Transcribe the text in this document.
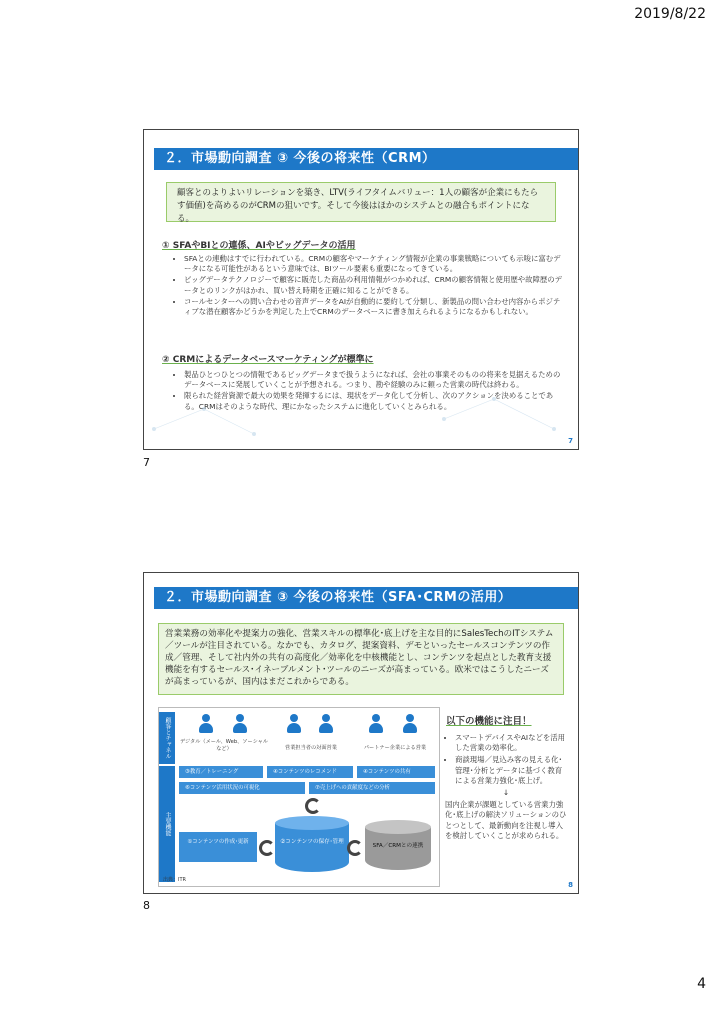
2019/8/22
２．市場動向調査 ③ 今後の将来性（CRM）
顧客とのよりよいリレーションを築き、LTV(ライフタイムバリュー：1人の顧客が企業にもたらす価値)を高めるのがCRMの狙いです。そして今後はほかのシステムとの融合もポイントになる。
① SFAやBIとの連係、AIやビッグデータの活用
• SFAとの連動はすでに行われている。CRMの顧客やマーケティング情報が企業の事業戦略についても示唆に富むデータになる可能性があるという意味では、BIツール要素も重要になってきている。
• ビッグデータテクノロジーで顧客に販売した商品の利用情報がつかめれば、CRMの顧客情報と使用歴や故障歴のデータとのリンクがはかれ、買い替え時期を正確に知ることができる。
• コールセンターへの問い合わせの音声データをAIが自動的に要約して分類し、新製品の問い合わせ内容からポジティブな潜在顧客かどうかを判定した上でCRMのデータベースに書き加えられるようになるかもしれない。
② CRMによるデータベースマーケティングが標準に
• 製品ひとつひとつの情報であるビッグデータまで扱うようになれば、会社の事業そのものの将来を見据えるためのデータベースに発展していくことが予想される。つまり、勘や経験のみに頼った営業の時代は終わる。
• 限られた経営資源で最大の効果を発揮するには、現状をデータ化して分析し、次のアクションを決めることである。CRMはそのような時代、理にかなったシステムに進化していくとみられる。
7
7
２．市場動向調査 ③ 今後の将来性（SFA･CRMの活用）
営業業務の効率化や提案力の強化、営業スキルの標準化･底上げを主な目的にSalesTechのITシステム／ツールが注目されている。なかでも、カタログ、提案資料、デモといったセールスコンテンツの作成／管理、そして社内外の共有の高度化／効率化を中核機能とし、コンテンツを起点とした教育支援機能を有するセールス･イネーブルメント･ツールのニーズが高まっている。欧米ではこうしたニーズが高まっているが、国内はまだこれからである。
顧客とチャネル
主要機能
デジタル（メール、Web、ソーシャルなど）	営業担当者の対面営業	パートナー企業による営業
③教育／トレーニング	④コンテンツのレコメンド	④コンテンツの共有
⑥コンテンツ活用状況の可視化	⑦売上げへの貢献度などの分析
①コンテンツの作成･更新	②コンテンツの保存･管理
SFA／CRMとの連携
出典：ITR
以下の機能に注目！
• スマートデバイスやAIなどを活用した営業の効率化。
• 商談現場／見込み客の見える化･管理･分析とデータに基づく教育による営業力強化･底上げ。
↓
国内企業が課題としている営業力強化･底上げの解決ソリューションのひとつとして、最新動向を注視し導入を検討していくことが求められる。
8
8
4
